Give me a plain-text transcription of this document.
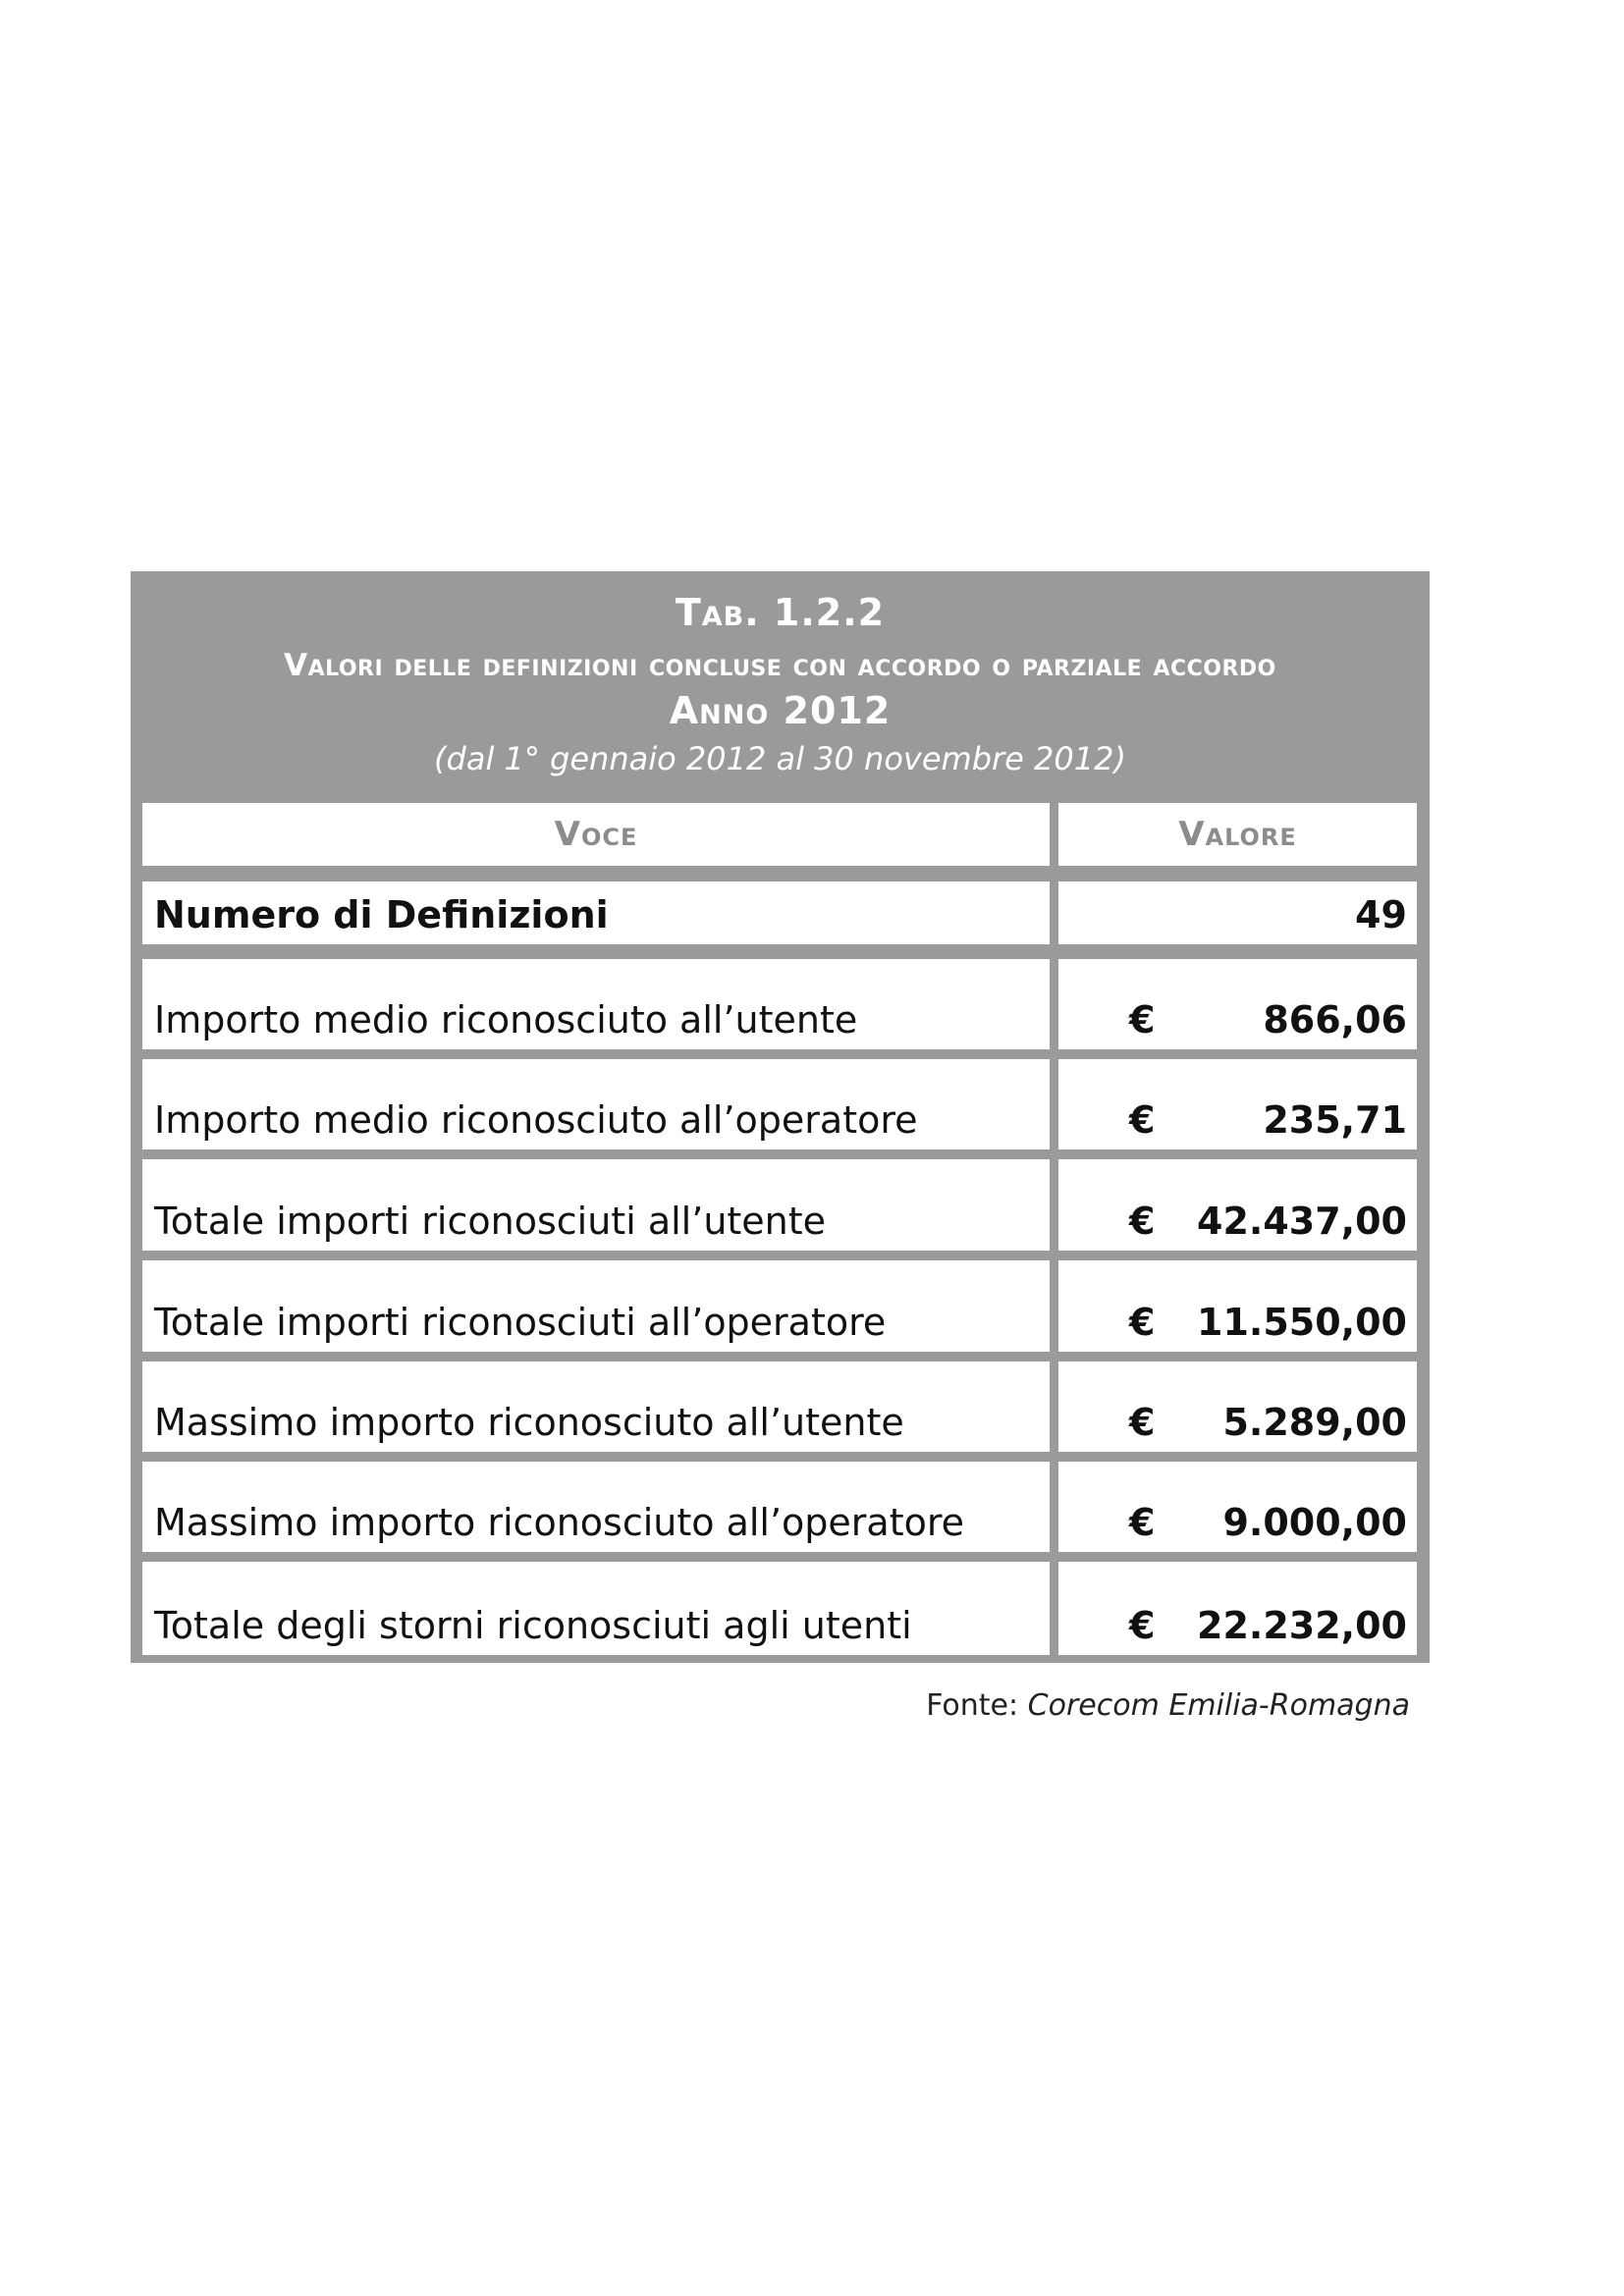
Tab. 1.2.2
Valori delle definizioni concluse con accordo o parziale accordo
Anno 2012
(dal 1° gennaio 2012 al 30 novembre 2012)
Voce	Valore
Numero di Definizioni	49
Importo medio riconosciuto all’utente	€	866,06
Importo medio riconosciuto all’operatore	€	235,71
Totale importi riconosciuti all’utente	€ 42.437,00
Totale importi riconosciuti all’operatore	€ 11.550,00
Massimo importo riconosciuto all’utente	€ 5.289,00
Massimo importo riconosciuto all’operatore	€ 9.000,00
Totale degli storni riconosciuti agli utenti	€ 22.232,00
Fonte: Corecom Emilia-Romagna
